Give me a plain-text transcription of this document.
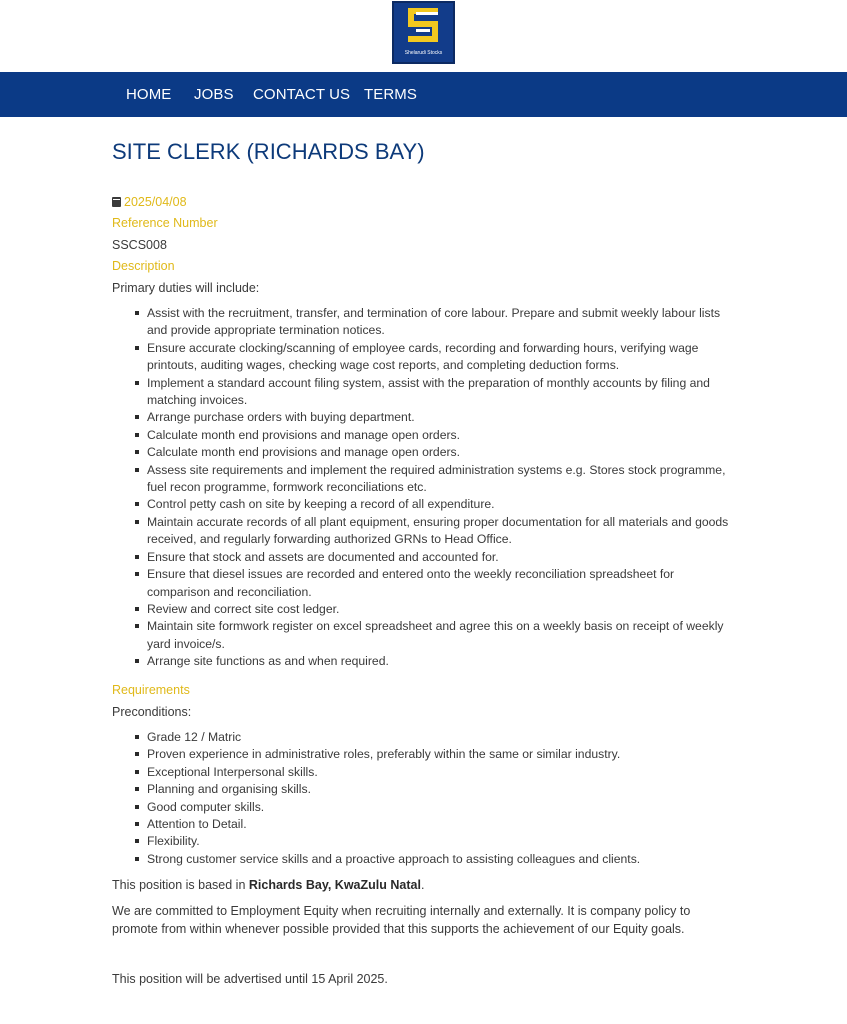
Shelarudi Stocks
HOME JOBS CONTACT US TERMS
SITE CLERK (RICHARDS BAY)
2025/04/08
Reference Number
SSCS008
Description
Primary duties will include:
Assist with the recruitment, transfer, and termination of core labour. Prepare and submit weekly labour lists and provide appropriate termination notices.
Ensure accurate clocking/scanning of employee cards, recording and forwarding hours, verifying wage printouts, auditing wages, checking wage cost reports, and completing deduction forms.
Implement a standard account filing system, assist with the preparation of monthly accounts by filing and matching invoices.
Arrange purchase orders with buying department.
Calculate month end provisions and manage open orders.
Calculate month end provisions and manage open orders.
Assess site requirements and implement the required administration systems e.g. Stores stock programme, fuel recon programme, formwork reconciliations etc.
Control petty cash on site by keeping a record of all expenditure.
Maintain accurate records of all plant equipment, ensuring proper documentation for all materials and goods received, and regularly forwarding authorized GRNs to Head Office.
Ensure that stock and assets are documented and accounted for.
Ensure that diesel issues are recorded and entered onto the weekly reconciliation spreadsheet for comparison and reconciliation.
Review and correct site cost ledger.
Maintain site formwork register on excel spreadsheet and agree this on a weekly basis on receipt of weekly yard invoice/s.
Arrange site functions as and when required.
Requirements
Preconditions:
Grade 12 / Matric
Proven experience in administrative roles, preferably within the same or similar industry.
Exceptional Interpersonal skills.
Planning and organising skills.
Good computer skills.
Attention to Detail.
Flexibility.
Strong customer service skills and a proactive approach to assisting colleagues and clients.
This position is based in Richards Bay, KwaZulu Natal.
We are committed to Employment Equity when recruiting internally and externally. It is company policy to promote from within whenever possible provided that this supports the achievement of our Equity goals.
This position will be advertised until 15 April 2025.
